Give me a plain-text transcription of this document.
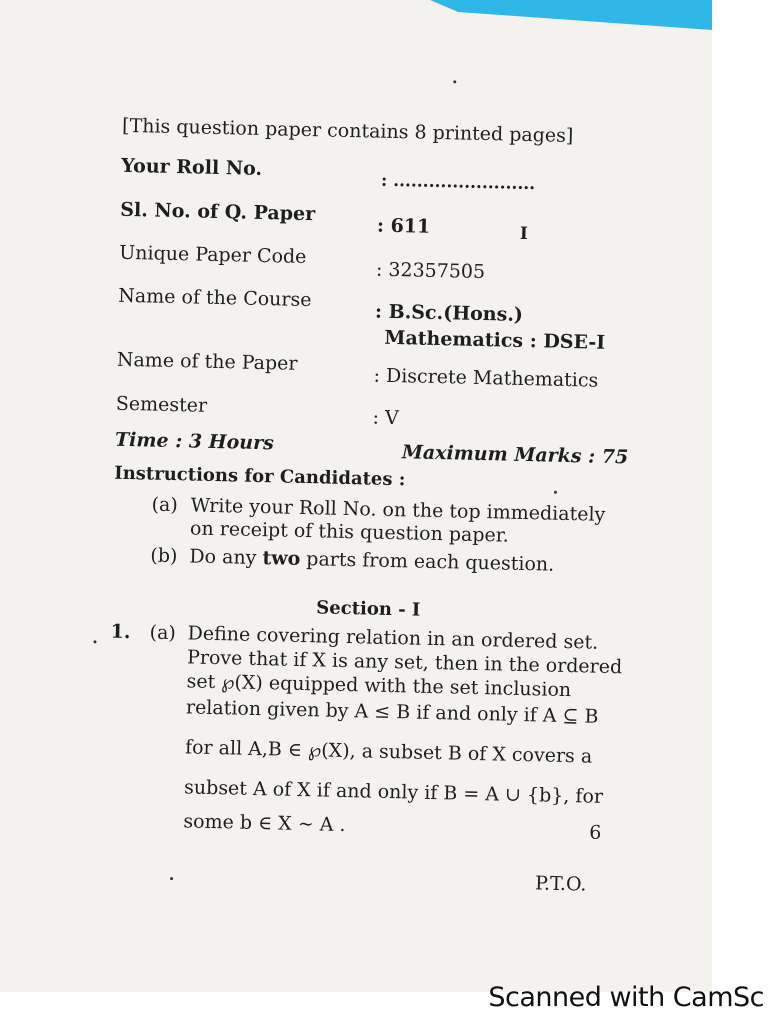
[This question paper contains 8 printed pages]
Your Roll No.
: ........................
Sl. No. of Q. Paper
: 611	I
Unique Paper Code
: 32357505
Name of the Course
: B.Sc.(Hons.)
Mathematics : DSE-I
Name of the Paper
: Discrete Mathematics
Semester
: V
Time : 3 Hours	Maximum Marks : 75
Instructions for Candidates :
(a) Write your Roll No. on the top immediately
on receipt of this question paper.
(b) Do any two parts from each question.
Section - I
1. (a) Define covering relation in an ordered set.
Prove that if X is any set, then in the ordered
set ℘(X) equipped with the set inclusion
relation given by A ≤ B if and only if A ⊆ B
for all A,B ∈ ℘(X), a subset B of X covers a
subset A of X if and only if B = A ∪ {b}, for
some b ∈ X ~ A .	6
P.T.O.
Scanned with CamSc
